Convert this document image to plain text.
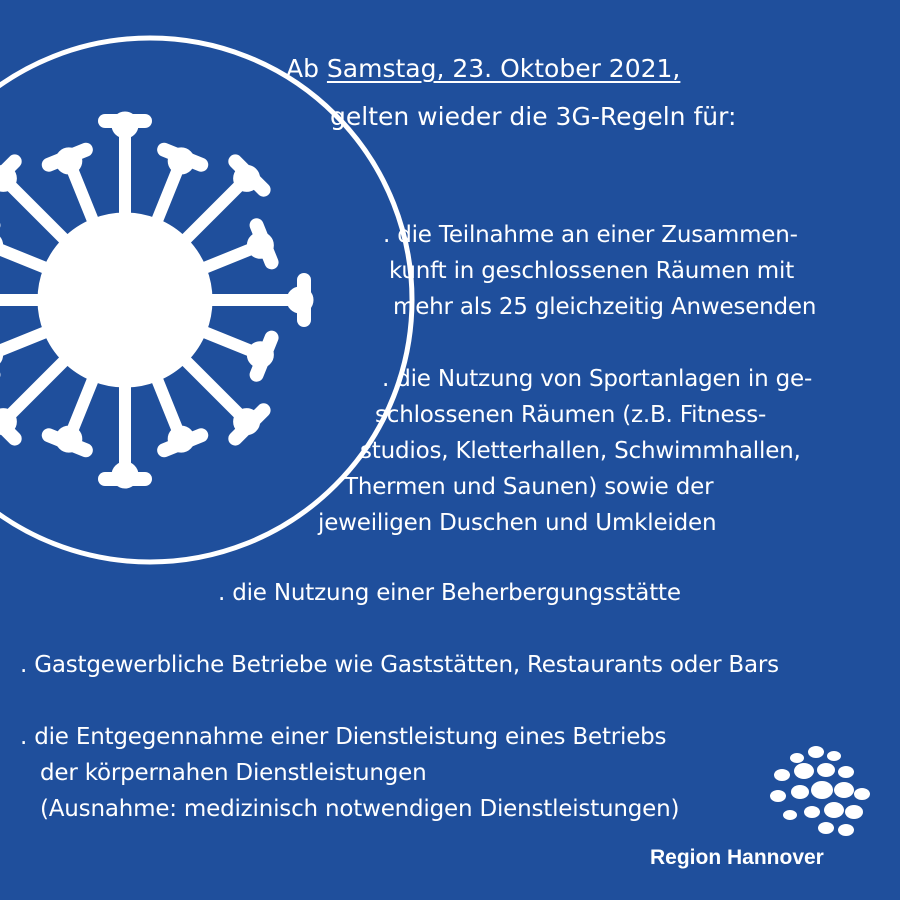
Ab Samstag, 23. Oktober 2021,
gelten wieder die 3G-Regeln für:
. die Teilnahme an einer Zusammen-
kunft in geschlossenen Räumen mit
mehr als 25 gleichzeitig Anwesenden
. die Nutzung von Sportanlagen in ge-
schlossenen Räumen (z.B. Fitness-
studios, Kletterhallen, Schwimmhallen,
Thermen und Saunen) sowie der
jeweiligen Duschen und Umkleiden
. die Nutzung einer Beherbergungsstätte
. Gastgewerbliche Betriebe wie Gaststätten, Restaurants oder Bars
. die Entgegennahme einer Dienstleistung eines Betriebs
der körpernahen Dienstleistungen
(Ausnahme: medizinisch notwendigen Dienstleistungen)
Region Hannover
